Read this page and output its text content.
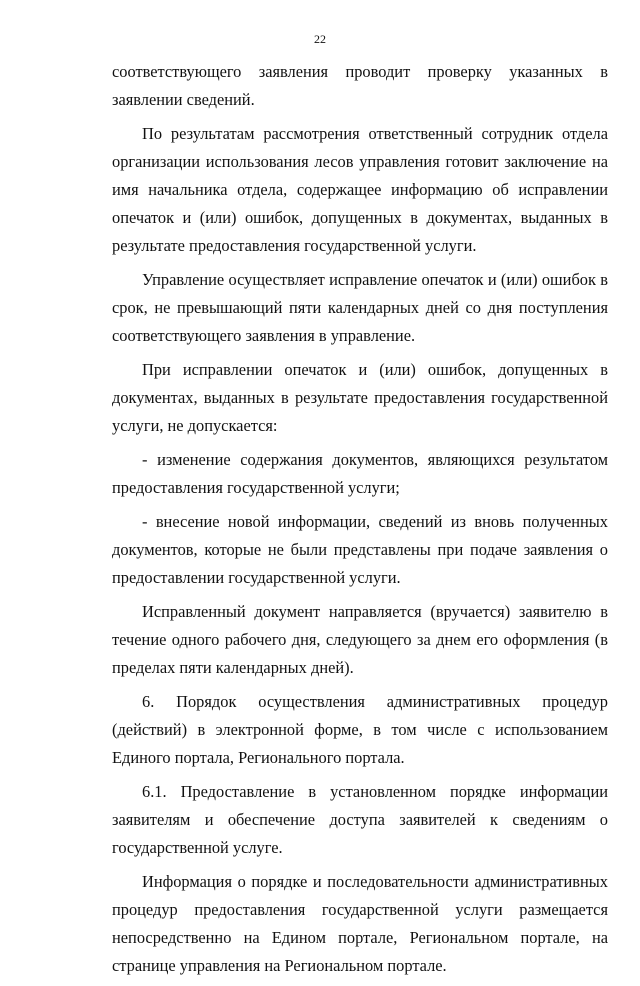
22

соответствующего заявления проводит проверку указанных в заявлении сведений.

По результатам рассмотрения ответственный сотрудник отдела организации использования лесов управления готовит заключение на имя начальника отдела, содержащее информацию об исправлении опечаток и (или) ошибок, допущенных в документах, выданных в результате предоставления государственной услуги.

Управление осуществляет исправление опечаток и (или) ошибок в срок, не превышающий пяти календарных дней со дня поступления соответствующего заявления в управление.

При исправлении опечаток и (или) ошибок, допущенных в документах, выданных в результате предоставления государственной услуги, не допускается:

- изменение содержания документов, являющихся результатом предоставления государственной услуги;

- внесение новой информации, сведений из вновь полученных документов, которые не были представлены при подаче заявления о предоставлении государственной услуги.

Исправленный документ направляется (вручается) заявителю в течение одного рабочего дня, следующего за днем его оформления (в пределах пяти календарных дней).

6. Порядок осуществления административных процедур (действий) в электронной форме, в том числе с использованием Единого портала, Регионального портала.

6.1. Предоставление в установленном порядке информации заявителям и обеспечение доступа заявителей к сведениям о государственной услуге.

Информация о порядке и последовательности административных процедур предоставления государственной услуги размещается непосредственно на Едином портале, Региональном портале, на странице управления на Региональном портале.
